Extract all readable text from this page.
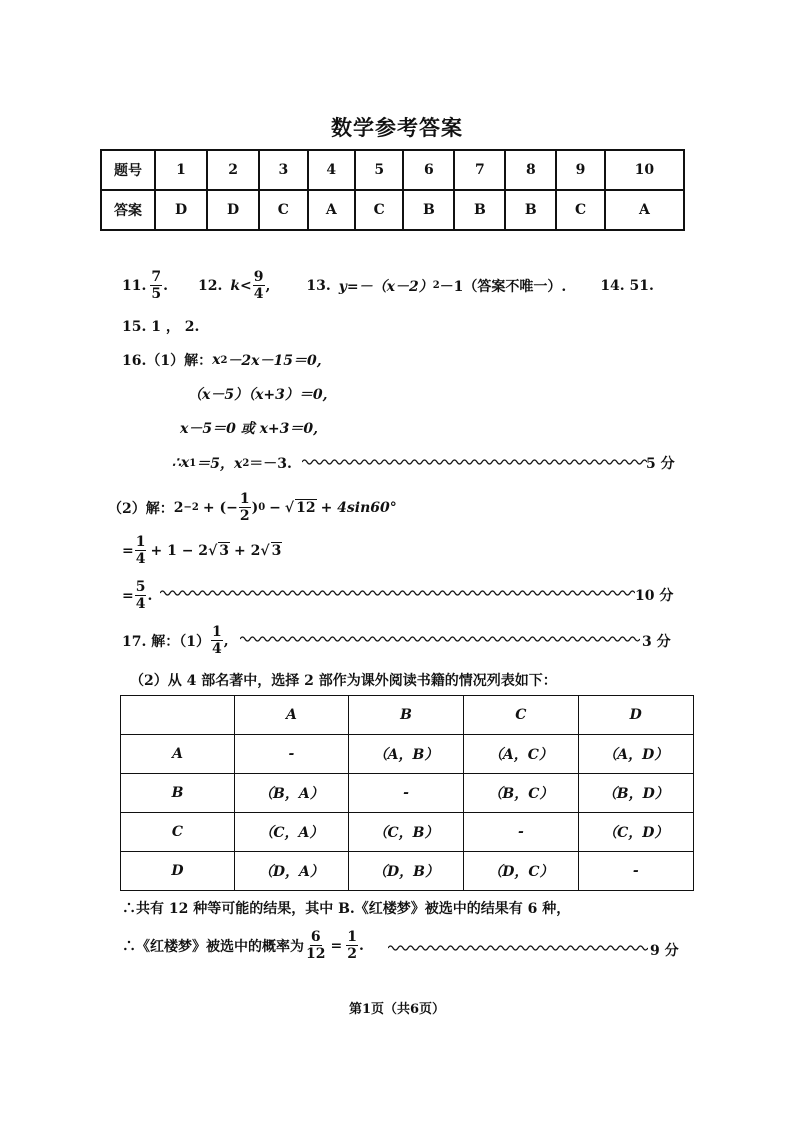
数学参考答案
题号	1	2	3	4	5	6	7	8	9	10
答案	D	D	C	A	C	B	B	B	C	A
11. $\frac{7}{5}$ . 12. $k < \frac{9}{4}$ ,	13. y=－（x－2） 2 －1（答案不唯一）. 14. 51.
15. 1 ， 2.
16.（1）解： x 2 －2x－15＝0,
（x－5）（x+3）＝0,
x－5＝0 或 x+3＝0,
∴x 1 ＝5，x 2 ＝－3.	5 分
（2）解： 2 −2 + (− $\frac{1}{2}$ ) 0 − √ 12 + 4sin60°
= $\frac{1}{4} + 1 - 2$ √ 3 + 2 √ 3
= $\frac{5}{4}$ .	10 分
17. 解：$(1) \frac{1}{4}$ ,	3 分
（2）从 4 部名著中，选择 2 部作为课外阅读书籍的情况列表如下：
	A	B	C	D
A	-	（A，B）	（A，C）	（A，D）
B	（B，A）	-	（B，C）	（B，D）
C	（C，A）	（C，B）	-	（C，D）
D	（D，A）	（D，B）	（D，C）	-
∴共有 12 种等可能的结果，其中 B.《红楼梦》被选中的结果有 6 种，
∴《红楼梦》被选中的概率为 $\frac{6}{12} = \frac{1}{2}$ .	9 分
第1页（共6页）
